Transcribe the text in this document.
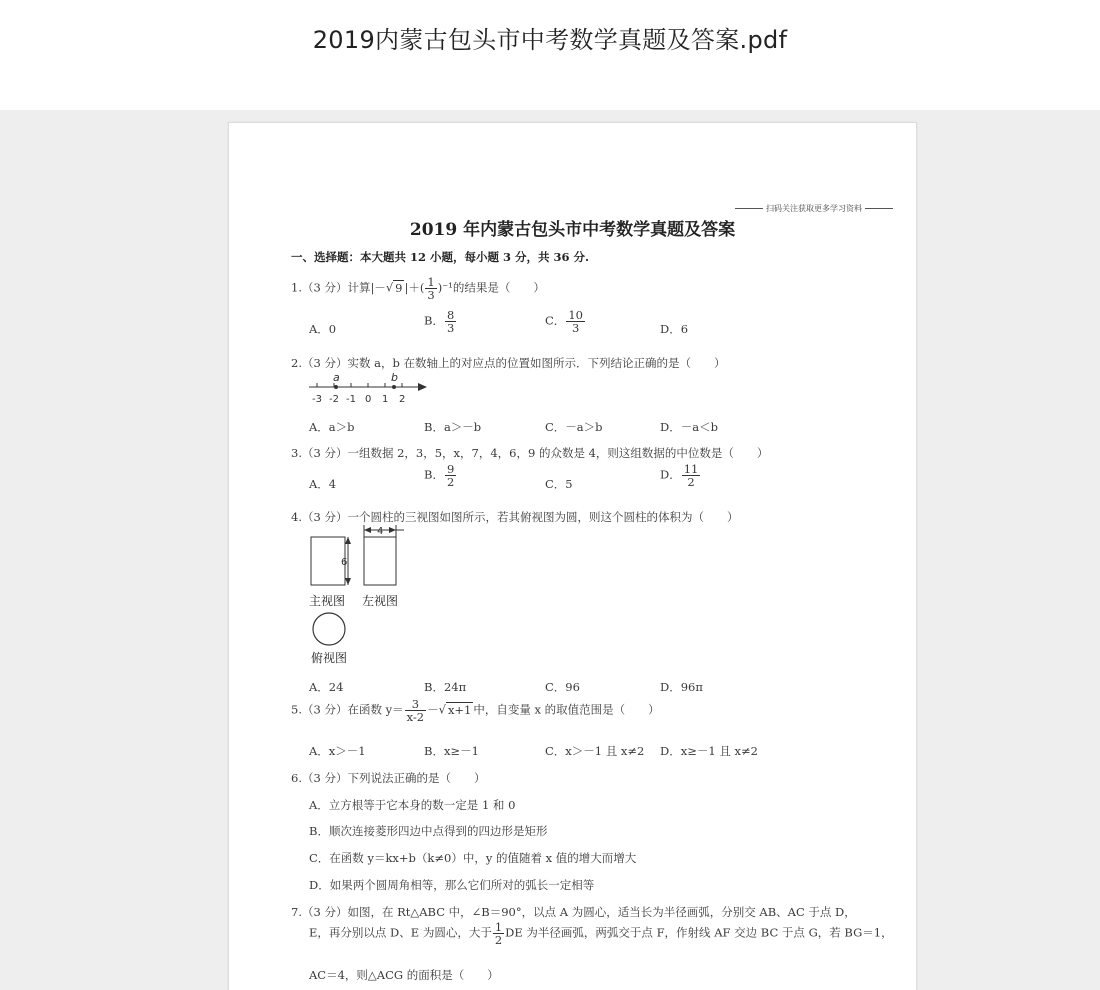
2019内蒙古包头市中考数学真题及答案.pdf
扫码关注获取更多学习资料
2019 年内蒙古包头市中考数学真题及答案
一、选择题：本大题共 12 小题，每小题 3 分，共 36 分.
1.（3 分）计算|－√ 9 |＋( $\frac{1}{3} )^{-1}$的结果是（　　）
A．0
B． $\frac{8}{3}$	C． $\frac{10}{3}$	D．6
2.（3 分）实数 a，b 在数轴上的对应点的位置如图所示．下列结论正确的是（　　）
a	b
-3 -2 -1 0 1 2
A．a＞b	B．a＞－b	C．－a＞b	D．－a＜b
3.（3 分）一组数据 2，3，5，x，7，4，6，9 的众数是 4，则这组数据的中位数是（　　）
A．4
B． $\frac{9}{2}$	C．5
D． $\frac{11}{2}$
4.（3 分）一个圆柱的三视图如图所示，若其俯视图为圆，则这个圆柱的体积为（　　）
6
4
主视图 左视图
俯视图
A．24	B．24π	C．96	D．96π
5.（3 分）在函数 $y= \frac{3}{x-2}$ －√ x+1 中，自变量 x 的取值范围是（　　）
A．x＞－1	B．x≥－1	C．x＞－1 且 x≠2 D．x≥－1 且 x≠2
6.（3 分）下列说法正确的是（　　）
A．立方根等于它本身的数一定是 1 和 0
B．顺次连接菱形四边中点得到的四边形是矩形
C．在函数 y＝kx+b（k≠0）中，y 的值随着 x 值的增大而增大
D．如果两个圆周角相等，那么它们所对的弧长一定相等
7.（3 分）如图，在 Rt△ABC 中，∠B＝90°，以点 A 为圆心，适当长为半径画弧，分别交 AB、AC 于点 D，
E，再分别以点 D、E 为圆心，大于 $\frac{1}{2}$ DE 为半径画弧，两弧交于点 F，作射线 AF 交边 BC 于点 G，若 BG＝1，
AC＝4，则△ACG 的面积是（　　）
